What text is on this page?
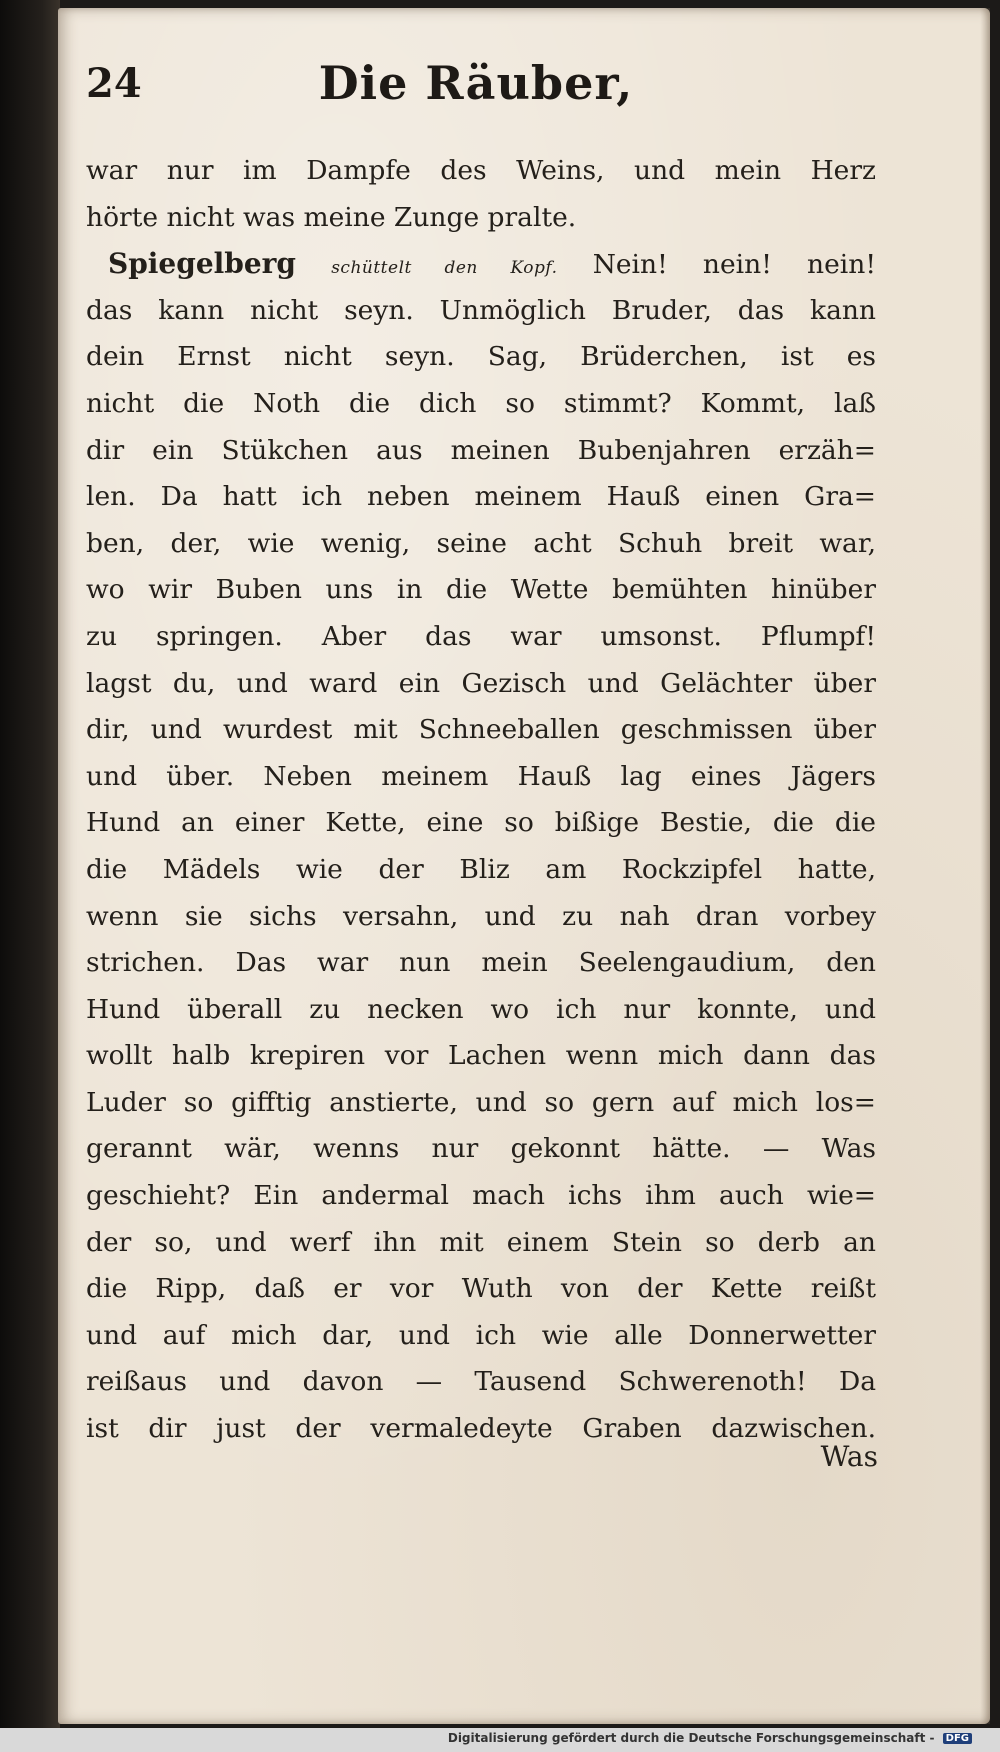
24	Die Räuber,
war nur im Dampfe des Weins, und mein Herz
hörte nicht was meine Zunge pralte.
Spiegelberg schüttelt den Kopf. Nein! nein! nein!
das kann nicht seyn. Unmöglich Bruder, das kann
dein Ernst nicht seyn. Sag, Brüderchen, ist es
nicht die Noth die dich so stimmt? Kommt, laß
dir ein Stükchen aus meinen Bubenjahren erzäh=
len. Da hatt ich neben meinem Hauß einen Gra=
ben, der, wie wenig, seine acht Schuh breit war,
wo wir Buben uns in die Wette bemühten hinüber
zu springen. Aber das war umsonst. Pflumpf!
lagst du, und ward ein Gezisch und Gelächter über
dir, und wurdest mit Schneeballen geschmissen über
und über. Neben meinem Hauß lag eines Jägers
Hund an einer Kette, eine so bißige Bestie, die die
die Mädels wie der Bliz am Rockzipfel hatte,
wenn sie sichs versahn, und zu nah dran vorbey
strichen. Das war nun mein Seelengaudium, den
Hund überall zu necken wo ich nur konnte, und
wollt halb krepiren vor Lachen wenn mich dann das
Luder so gifftig anstierte, und so gern auf mich los=
gerannt wär, wenns nur gekonnt hätte. — Was
geschieht? Ein andermal mach ichs ihm auch wie=
der so, und werf ihn mit einem Stein so derb an
die Ripp, daß er vor Wuth von der Kette reißt
und auf mich dar, und ich wie alle Donnerwetter
reißaus und davon — Tausend Schwerenoth! Da
ist dir just der vermaledeyte Graben dazwischen.
Was
Digitalisierung gefördert durch die Deutsche Forschungsgemeinschaft - DFG
